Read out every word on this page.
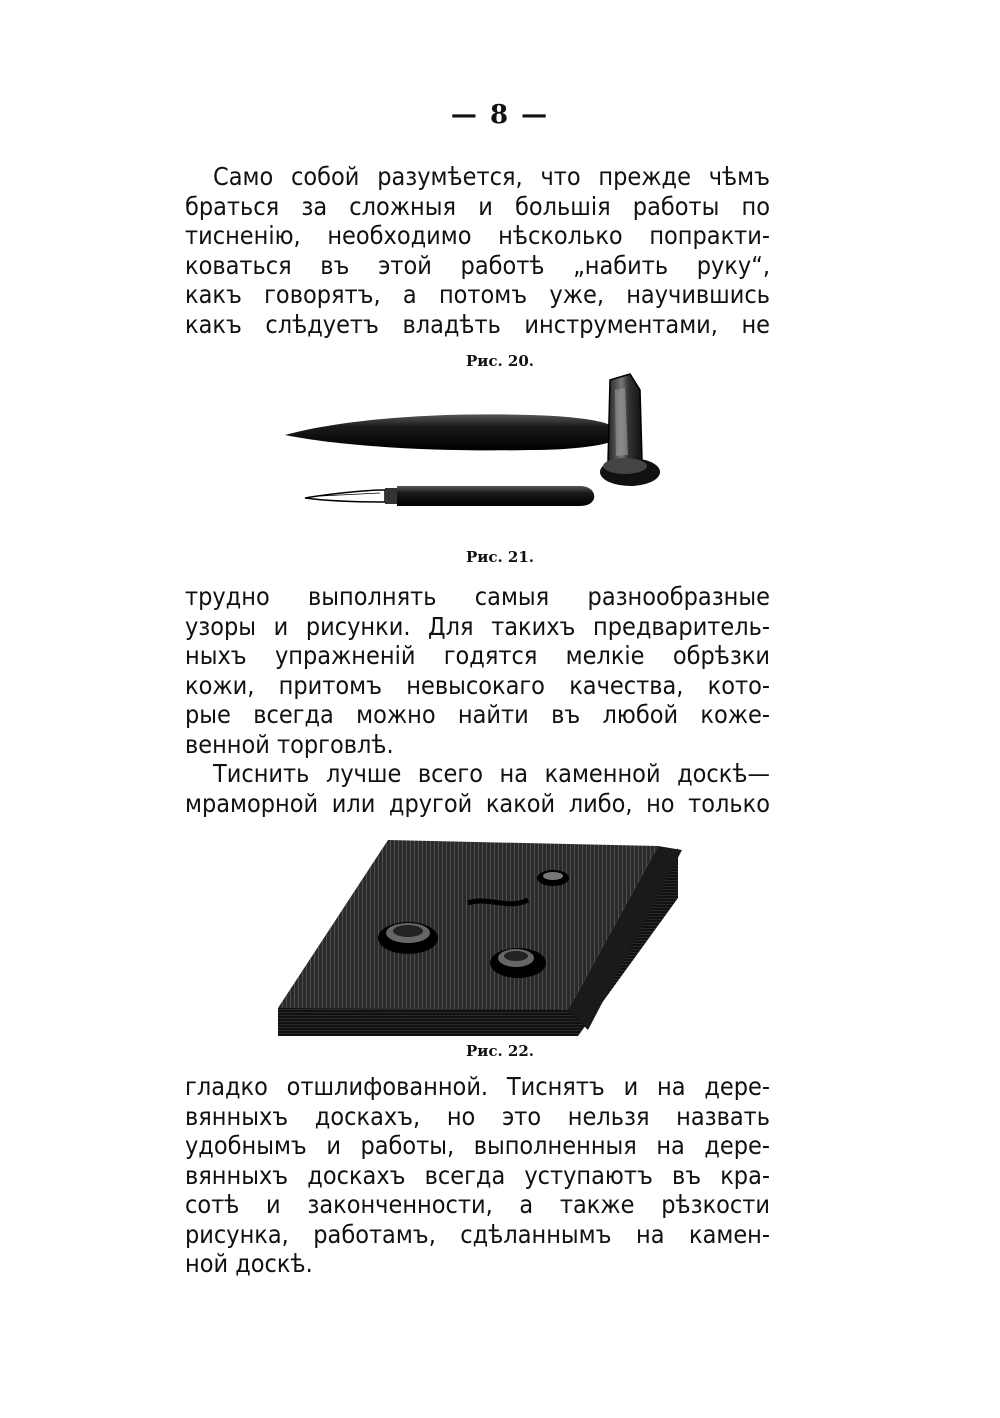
— 8 —
Само собой разумѣется, что прежде чѣмъ
браться за сложныя и большія работы по
тисненію, необходимо нѣсколько попракти-
коваться въ этой работѣ „набить руку“,
какъ говорятъ, а потомъ уже, научившись
какъ слѣдуетъ владѣть инструментами, не
Рис. 20.
Рис. 21.
трудно выполнять самыя разнообразные
узоры и рисунки. Для такихъ предваритель-
ныхъ упражненій годятся мелкіе обрѣзки
кожи, притомъ невысокаго качества, кото-
рые всегда можно найти въ любой коже-
венной торговлѣ.
Тиснить лучше всего на каменной доскѣ—
мраморной или другой какой либо, но только
Рис. 22.
гладко отшлифованной. Тиснятъ и на дере-
вянныхъ доскахъ, но это нельзя назвать
удобнымъ и работы, выполненныя на дере-
вянныхъ доскахъ всегда уступаютъ въ кра-
сотѣ и законченности, а также рѣзкости
рисунка, работамъ, сдѣланнымъ на камен-
ной доскѣ.
